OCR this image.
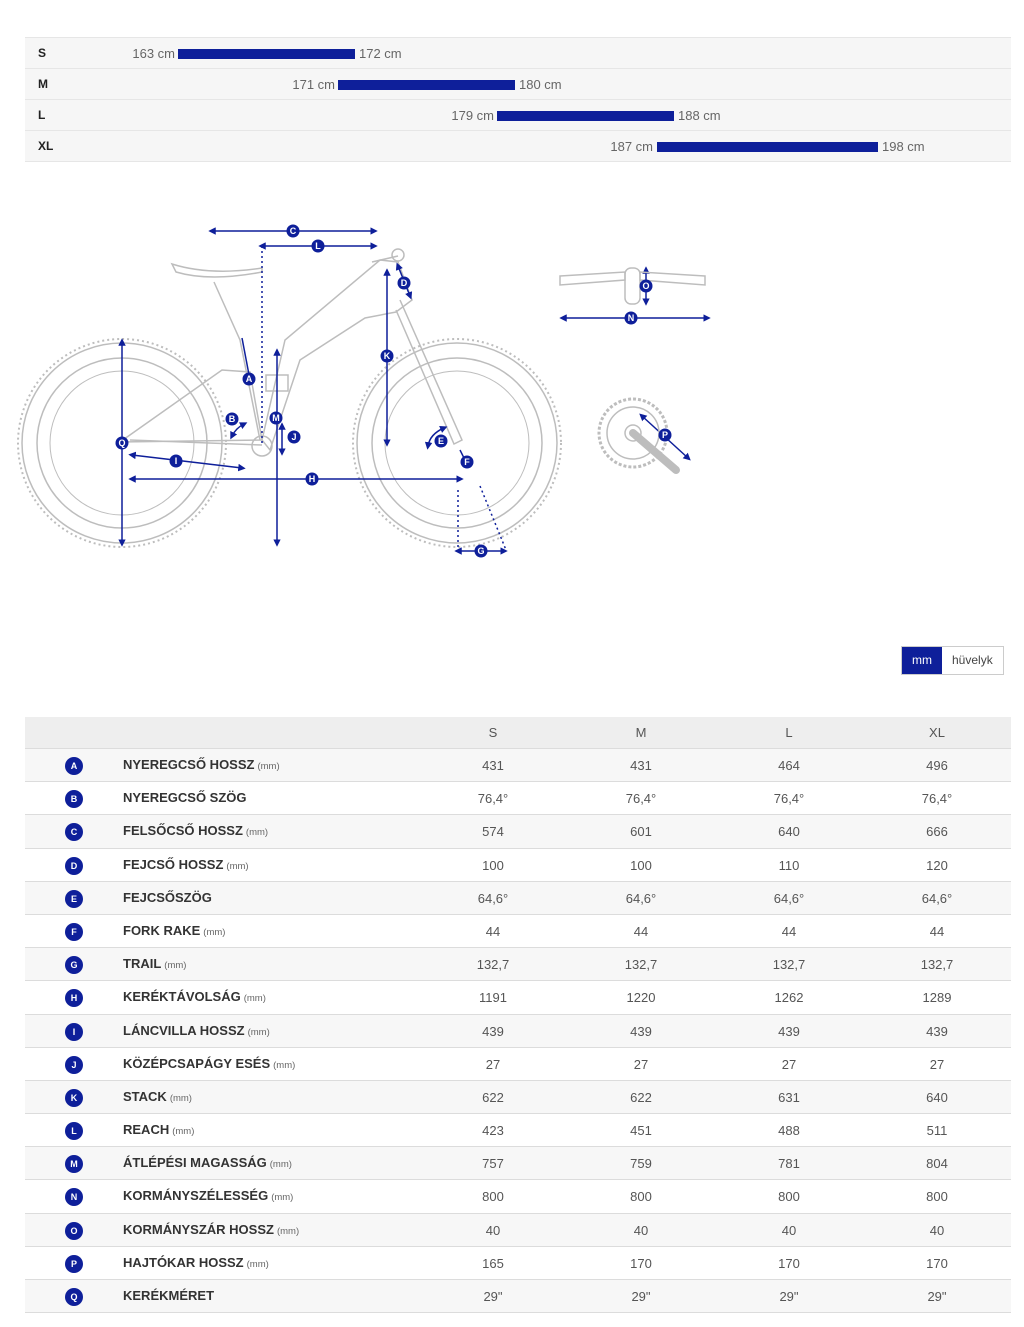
S	163 cm	172 cm
M	171 cm	180 cm
L	179 cm	188 cm
XL	187 cm	198 cm
C
L
D
K
A
B	M
J
Q
I
H
E
F
G
O
N
P
mm	hüvelyk
S	M	L	XL
A	NYEREGCSŐ HOSSZ (mm)	431	431	464	496
B	NYEREGCSŐ SZÖG	76,4°	76,4°	76,4°	76,4°
C	FELSŐCSŐ HOSSZ (mm)	574	601	640	666
D	FEJCSŐ HOSSZ (mm)	100	100	110	120
E	FEJCSŐSZÖG	64,6°	64,6°	64,6°	64,6°
F	FORK RAKE (mm)	44	44	44	44
G	TRAIL (mm)	132,7	132,7	132,7	132,7
H	KERÉKTÁVOLSÁG (mm)	1191	1220	1262	1289
I	LÁNCVILLA HOSSZ (mm)	439	439	439	439
J	KÖZÉPCSAPÁGY ESÉS (mm)	27	27	27	27
K	STACK (mm)	622	622	631	640
L	REACH (mm)	423	451	488	511
M	ÁTLÉPÉSI MAGASSÁG (mm)	757	759	781	804
N	KORMÁNYSZÉLESSÉG (mm)	800	800	800	800
O	KORMÁNYSZÁR HOSSZ (mm)	40	40	40	40
P	HAJTÓKAR HOSSZ (mm)	165	170	170	170
Q	KERÉKMÉRET	29"	29"	29"	29"
